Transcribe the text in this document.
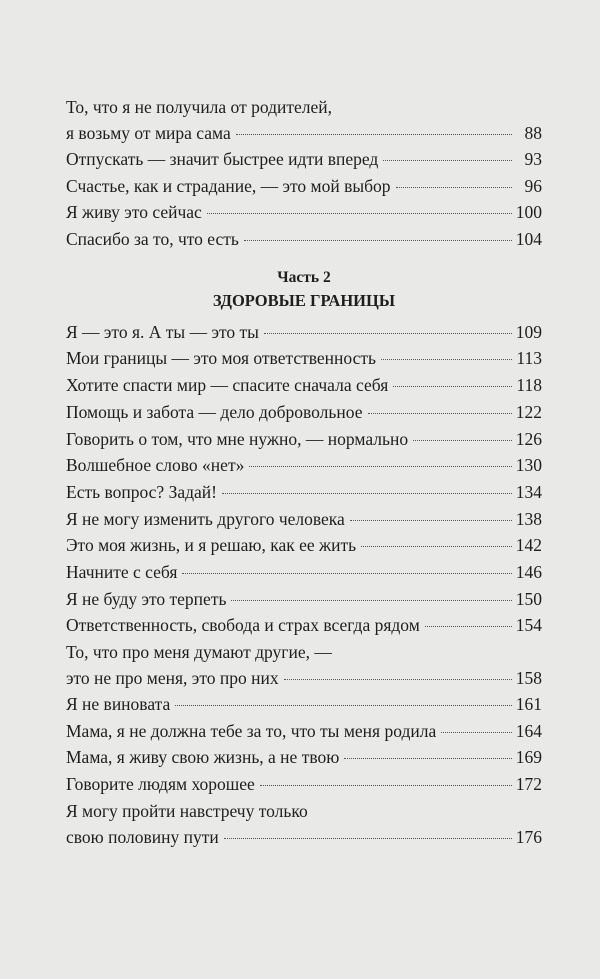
То, что я не получила от родителей,
я возьму от мира сама	88
Отпускать — значит быстрее идти вперед	93
Счастье, как и страдание, — это мой выбор	96
Я живу это сейчас	100
Спасибо за то, что есть	104
Часть 2
ЗДОРОВЫЕ ГРАНИЦЫ
Я — это я. А ты — это ты	109
Мои границы — это моя ответственность	113
Хотите спасти мир — спасите сначала себя	118
Помощь и забота — дело добровольное	122
Говорить о том, что мне нужно, — нормально	126
Волшебное слово «нет»	130
Есть вопрос? Задай!	134
Я не могу изменить другого человека	138
Это моя жизнь, и я решаю, как ее жить	142
Начните с себя	146
Я не буду это терпеть	150
Ответственность, свобода и страх всегда рядом	154
То, что про меня думают другие, —
это не про меня, это про них	158
Я не виновата	161
Мама, я не должна тебе за то, что ты меня родила	164
Мама, я живу свою жизнь, а не твою	169
Говорите людям хорошее	172
Я могу пройти навстречу только
свою половину пути	176
